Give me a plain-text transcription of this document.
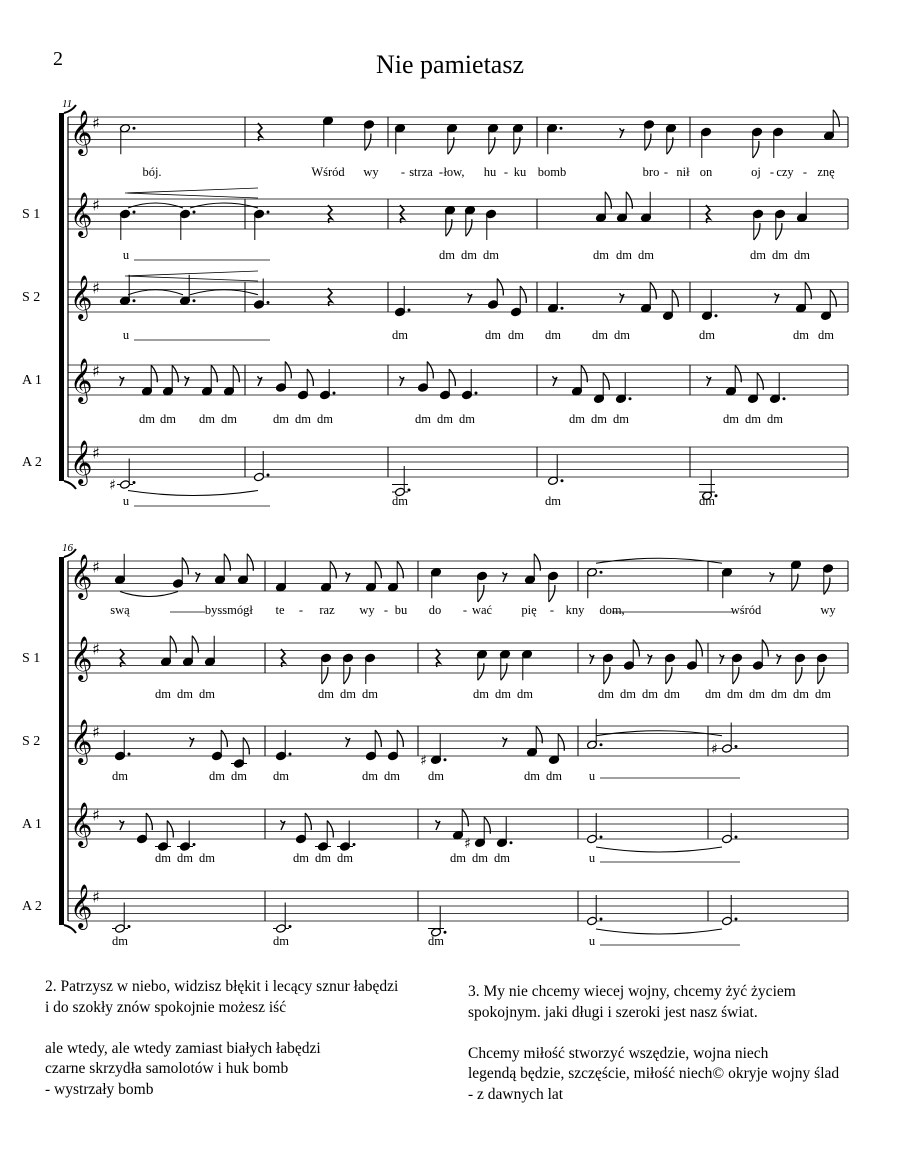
2	Nie pamietasz
𝄞 ♯
𝄞 ♯
𝄞 ♯
𝄞 ♯
𝄞 ♯
𝄞 ♯
𝄞 ♯
𝄞 ♯
𝄞 ♯
𝄞 ♯
♯
♯
♯
♯
bój.	Wśród wy - strza - łow, hu - ku bomb	bro - nił on	oj - czy - znę
S 1
u	dm dm dm	dm dm dm	dm dm dm
S 2
u	dm	dm dm dm dm dm	dm	dm dm
A 1
dm dm dm dm	dm dm dm	dm dm dm	dm dm dm	dm dm dm
A 2
u	dm	dm	dm
11
swą	byss mógł te - raz wy - bu do - wać pię - kny dom,	wśród	wy
S 1
dm dm dm	dm dm dm	dm dm dm	dm dm dm dm dm dm dm dm dm dm
S 2
dm	dm dm dm	dm dm dm	dm dm u
A 1
dm dm dm	dm dm dm	dm dm dm	u
A 2
dm	dm	dm	u
16
2. Patrzysz w niebo, widzisz błękit i lecący sznur łabędzi
i do szokły znów spokojnie możesz iść
ale wtedy, ale wtedy zamiast białych łabędzi
czarne skrzydła samolotów i huk bomb
- wystrzały bomb
3. My nie chcemy wiecej wojny, chcemy żyć życiem
spokojnym. jaki długi i szeroki jest nasz świat.
Chcemy miłość stworzyć wszędzie, wojna niech
legendą będzie, szczęście, miłość niech© okryje wojny ślad
- z dawnych lat
